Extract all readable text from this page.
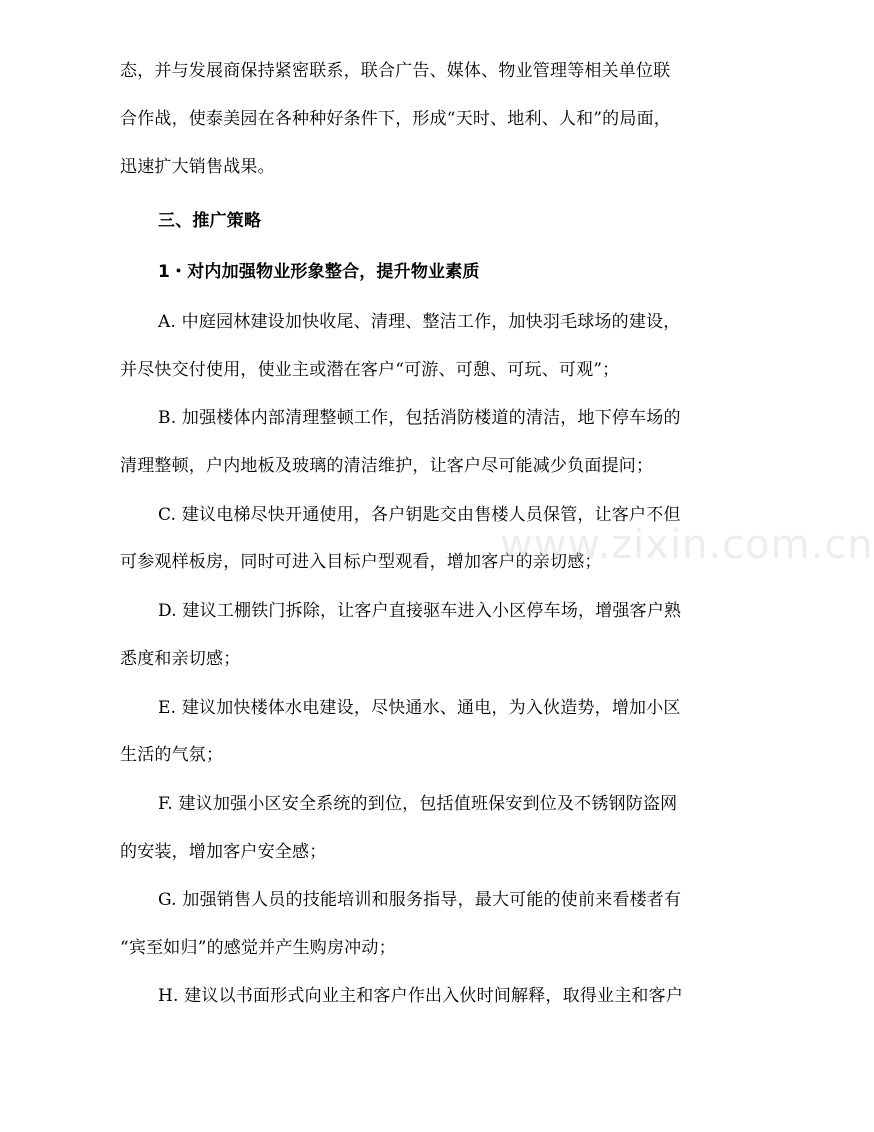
态，并与发展商保持紧密联系，联合广告、媒体、物业管理等相关单位联
合作战，使泰美园在各种种好条件下，形成“天时、地利、人和”的局面，
迅速扩大销售战果。
三、推广策略
1・对内加强物业形象整合，提升物业素质
A. 中庭园林建设加快收尾、清理、整洁工作，加快羽毛球场的建设，
并尽快交付使用，使业主或潜在客户“可游、可憩、可玩、可观”；
B. 加强楼体内部清理整顿工作，包括消防楼道的清洁，地下停车场的
清理整顿，户内地板及玻璃的清洁维护，让客户尽可能减少负面提问；
C. 建议电梯尽快开通使用，各户钥匙交由售楼人员保管，让客户不但
可参观样板房，同时可进入目标户型观看，增加客户的亲切感；
D. 建议工棚铁门拆除，让客户直接驱车进入小区停车场，增强客户熟
悉度和亲切感；
E. 建议加快楼体水电建设，尽快通水、通电，为入伙造势，增加小区
生活的气氛；
F. 建议加强小区安全系统的到位，包括值班保安到位及不锈钢防盗网
的安装，增加客户安全感；
G. 加强销售人员的技能培训和服务指导，最大可能的使前来看楼者有
“宾至如归”的感觉并产生购房冲动；
H. 建议以书面形式向业主和客户作出入伙时间解释，取得业主和客户
www.zixin.com.cn
